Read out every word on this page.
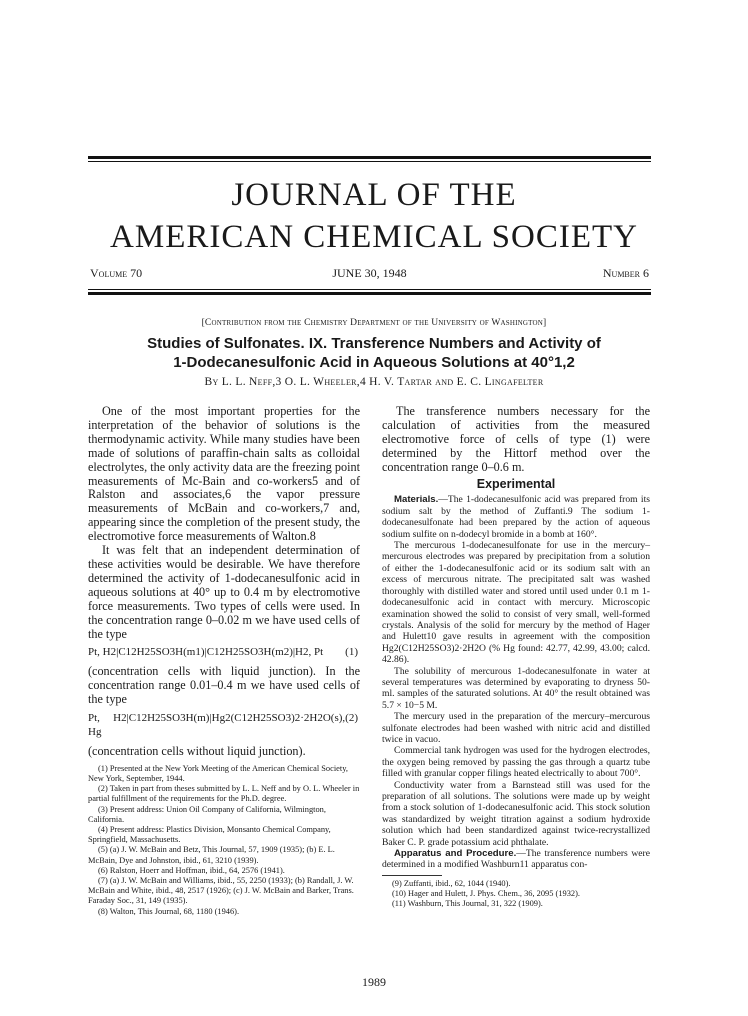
JOURNAL OF THE
AMERICAN CHEMICAL SOCIETY
Volume 70	JUNE 30, 1948	Number 6
[Contribution from the Chemistry Department of the University of Washington]
Studies of Sulfonates. IX. Transference Numbers and Activity of
1-Dodecanesulfonic Acid in Aqueous Solutions at 40°1,2
By L. L. Neff,3 O. L. Wheeler,4 H. V. Tartar and E. C. Lingafelter

One of the most important properties for the interpretation of the behavior of solutions is the thermodynamic activity. While many studies have been made of solutions of paraffin-chain salts as colloidal electrolytes, the only activity data are the freezing point measurements of Mc-Bain and co-workers5 and of Ralston and associates,6 the vapor pressure measurements of McBain and co-workers,7 and, appearing since the completion of the present study, the electromotive force measurements of Walton.8

It was felt that an independent determination of these activities would be desirable. We have therefore determined the activity of 1-dodecanesulfonic acid in aqueous solutions at 40° up to 0.4 m by electromotive force measurements. Two types of cells were used. In the concentration range 0–0.02 m we have used cells of the type

Pt, H2|C12H25SO3H(m1)|C12H25SO3H(m2)|H2, Pt (1)

(concentration cells with liquid junction). In the concentration range 0.01–0.4 m we have used cells of the type

Pt, H2|C12H25SO3H(m)|Hg2(C12H25SO3)2·2H2O(s), Hg
(2)

(concentration cells without liquid junction).

(1) Presented at the New York Meeting of the American Chemical Society, New York, September, 1944.

(2) Taken in part from theses submitted by L. L. Neff and by O. L. Wheeler in partial fulfillment of the requirements for the Ph.D. degree.

(3) Present address: Union Oil Company of California, Wilmington, California.

(4) Present address: Plastics Division, Monsanto Chemical Company, Springfield, Massachusetts.

(5) (a) J. W. McBain and Betz, This Journal, 57, 1909 (1935); (b) E. L. McBain, Dye and Johnston, ibid., 61, 3210 (1939).

(6) Ralston, Hoerr and Hoffman, ibid., 64, 2576 (1941).

(7) (a) J. W. McBain and Williams, ibid., 55, 2250 (1933); (b) Randall, J. W. McBain and White, ibid., 48, 2517 (1926); (c) J. W. McBain and Barker, Trans. Faraday Soc., 31, 149 (1935).

(8) Walton, This Journal, 68, 1180 (1946).

The transference numbers necessary for the calculation of activities from the measured electromotive force of cells of type (1) were determined by the Hittorf method over the concentration range 0–0.6 m.

Experimental

Materials.—The 1-dodecanesulfonic acid was prepared from its sodium salt by the method of Zuffanti.9 The sodium 1-dodecanesulfonate had been prepared by the action of aqueous sodium sulfite on n-dodecyl bromide in a bomb at 160°.

The mercurous 1-dodecanesulfonate for use in the mercury–mercurous electrodes was prepared by precipitation from a solution of either the 1-dodecanesulfonic acid or its sodium salt with an excess of mercurous nitrate. The precipitated salt was washed thoroughly with distilled water and stored until used under 0.1 m 1-dodecanesulfonic acid in contact with mercury. Microscopic examination showed the solid to consist of very small, well-formed crystals. Analysis of the solid for mercury by the method of Hager and Hulett10 gave results in agreement with the composition Hg2(C12H25SO3)2·2H2O (% Hg found: 42.77, 42.99, 43.00; calcd. 42.86).

The solubility of mercurous 1-dodecanesulfonate in water at several temperatures was determined by evaporating to dryness 50-ml. samples of the saturated solutions. At 40° the result obtained was 5.7 × 10−5 M.

The mercury used in the preparation of the mercury–mercurous sulfonate electrodes had been washed with nitric acid and distilled twice in vacuo.

Commercial tank hydrogen was used for the hydrogen electrodes, the oxygen being removed by passing the gas through a quartz tube filled with granular copper filings heated electrically to about 700°.

Conductivity water from a Barnstead still was used for the preparation of all solutions. The solutions were made up by weight from a stock solution of 1-dodecanesulfonic acid. This stock solution was standardized by weight titration against a sodium hydroxide solution which had been standardized against twice-recrystallized Baker C. P. grade potassium acid phthalate.

Apparatus and Procedure.—The transference numbers were determined in a modified Washburn11 apparatus con-

(9) Zuffanti, ibid., 62, 1044 (1940).

(10) Hager and Hulett, J. Phys. Chem., 36, 2095 (1932).

(11) Washburn, This Journal, 31, 322 (1909).

1989
